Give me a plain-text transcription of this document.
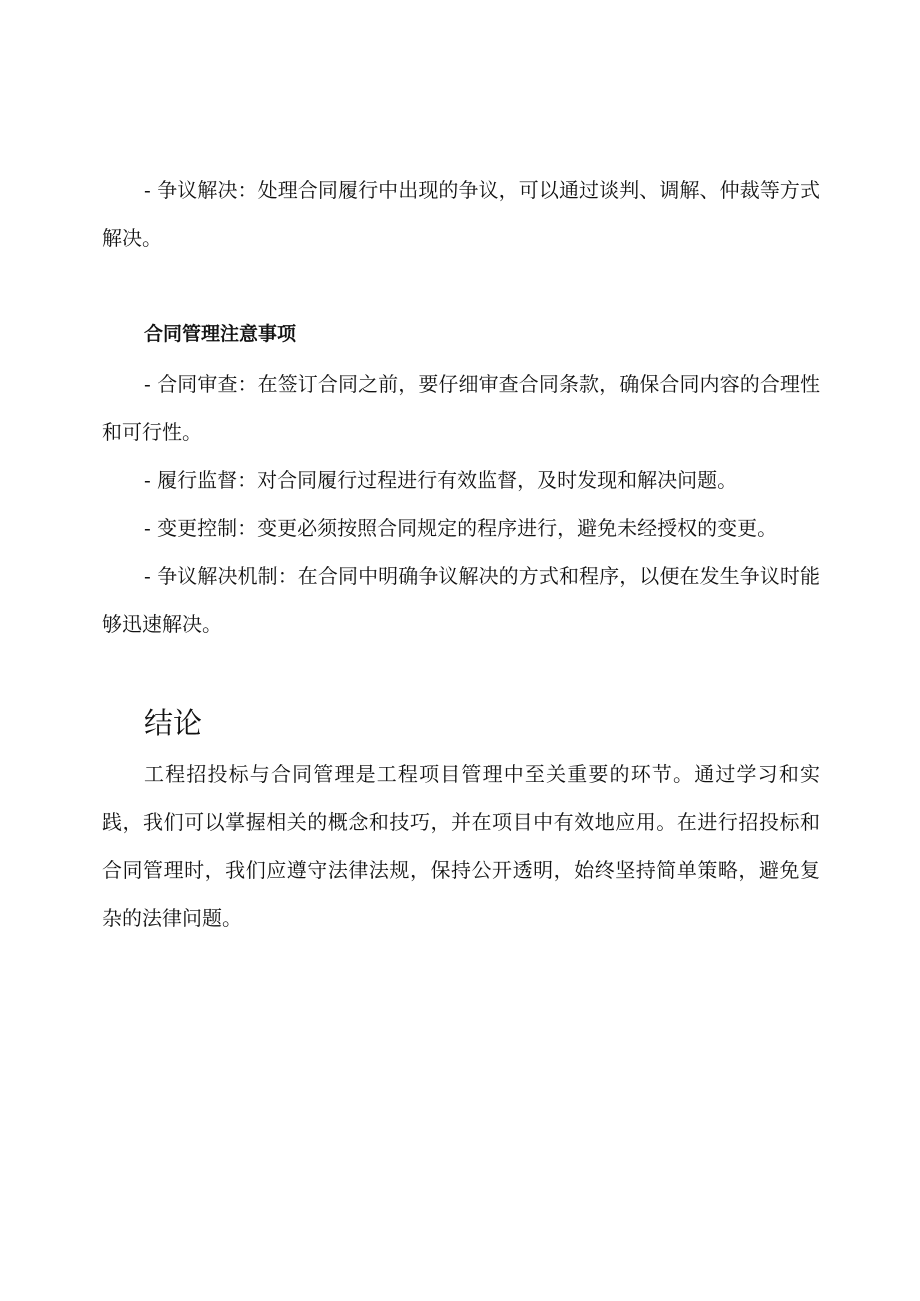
- 争议解决：处理合同履行中出现的争议，可以通过谈判、调解、仲裁等方式解决。

合同管理注意事项

- 合同审查：在签订合同之前，要仔细审查合同条款，确保合同内容的合理性和可行性。

- 履行监督：对合同履行过程进行有效监督，及时发现和解决问题。

- 变更控制：变更必须按照合同规定的程序进行，避免未经授权的变更。

- 争议解决机制：在合同中明确争议解决的方式和程序，以便在发生争议时能够迅速解决。

结论

工程招投标与合同管理是工程项目管理中至关重要的环节。通过学习和实践，我们可以掌握相关的概念和技巧，并在项目中有效地应用。在进行招投标和合同管理时，我们应遵守法律法规，保持公开透明，始终坚持简单策略，避免复杂的法律问题。
